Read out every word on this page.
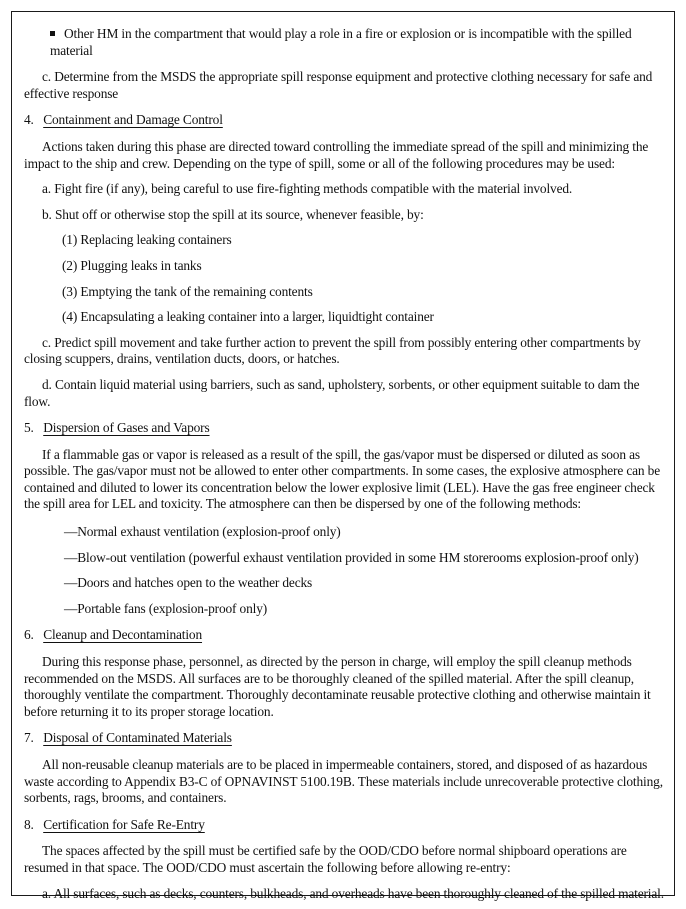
Other HM in the compartment that would play a role in a fire or explosion or is incompatible with the spilled material

c. Determine from the MSDS the appropriate spill response equipment and protective clothing necessary for safe and effective response

4. Containment and Damage Control

Actions taken during this phase are directed toward controlling the immediate spread of the spill and minimizing the impact to the ship and crew. Depending on the type of spill, some or all of the following procedures may be used:

a. Fight fire (if any), being careful to use fire-fighting methods compatible with the material involved.

b. Shut off or otherwise stop the spill at its source, whenever feasible, by:

(1) Replacing leaking containers

(2) Plugging leaks in tanks

(3) Emptying the tank of the remaining contents

(4) Encapsulating a leaking container into a larger, liquidtight container

c. Predict spill movement and take further action to prevent the spill from possibly entering other compartments by closing scuppers, drains, ventilation ducts, doors, or hatches.

d. Contain liquid material using barriers, such as sand, upholstery, sorbents, or other equipment suitable to dam the flow.

5. Dispersion of Gases and Vapors

If a flammable gas or vapor is released as a result of the spill, the gas/vapor must be dispersed or diluted as soon as possible. The gas/vapor must not be allowed to enter other compartments. In some cases, the explosive atmosphere can be contained and diluted to lower its concentration below the lower explosive limit (LEL). Have the gas free engineer check the spill area for LEL and toxicity. The atmosphere can then be dispersed by one of the following methods:

—Normal exhaust ventilation (explosion-proof only)

—Blow-out ventilation (powerful exhaust ventilation provided in some HM storerooms explosion-proof only)

—Doors and hatches open to the weather decks

—Portable fans (explosion-proof only)

6. Cleanup and Decontamination

During this response phase, personnel, as directed by the person in charge, will employ the spill cleanup methods recommended on the MSDS. All surfaces are to be thoroughly cleaned of the spilled material. After the spill cleanup, thoroughly ventilate the compartment. Thoroughly decontaminate reusable protective clothing and otherwise maintain it before returning it to its proper storage location.

7. Disposal of Contaminated Materials

All non-reusable cleanup materials are to be placed in impermeable containers, stored, and disposed of as hazardous waste according to Appendix B3-C of OPNAVINST 5100.19B. These materials include unrecoverable protective clothing, sorbents, rags, brooms, and containers.

8. Certification for Safe Re-Entry

The spaces affected by the spill must be certified safe by the OOD/CDO before normal shipboard operations are resumed in that space. The OOD/CDO must ascertain the following before allowing re-entry:

a. All surfaces, such as decks, counters, bulkheads, and overheads have been thoroughly cleaned of the spilled material.
